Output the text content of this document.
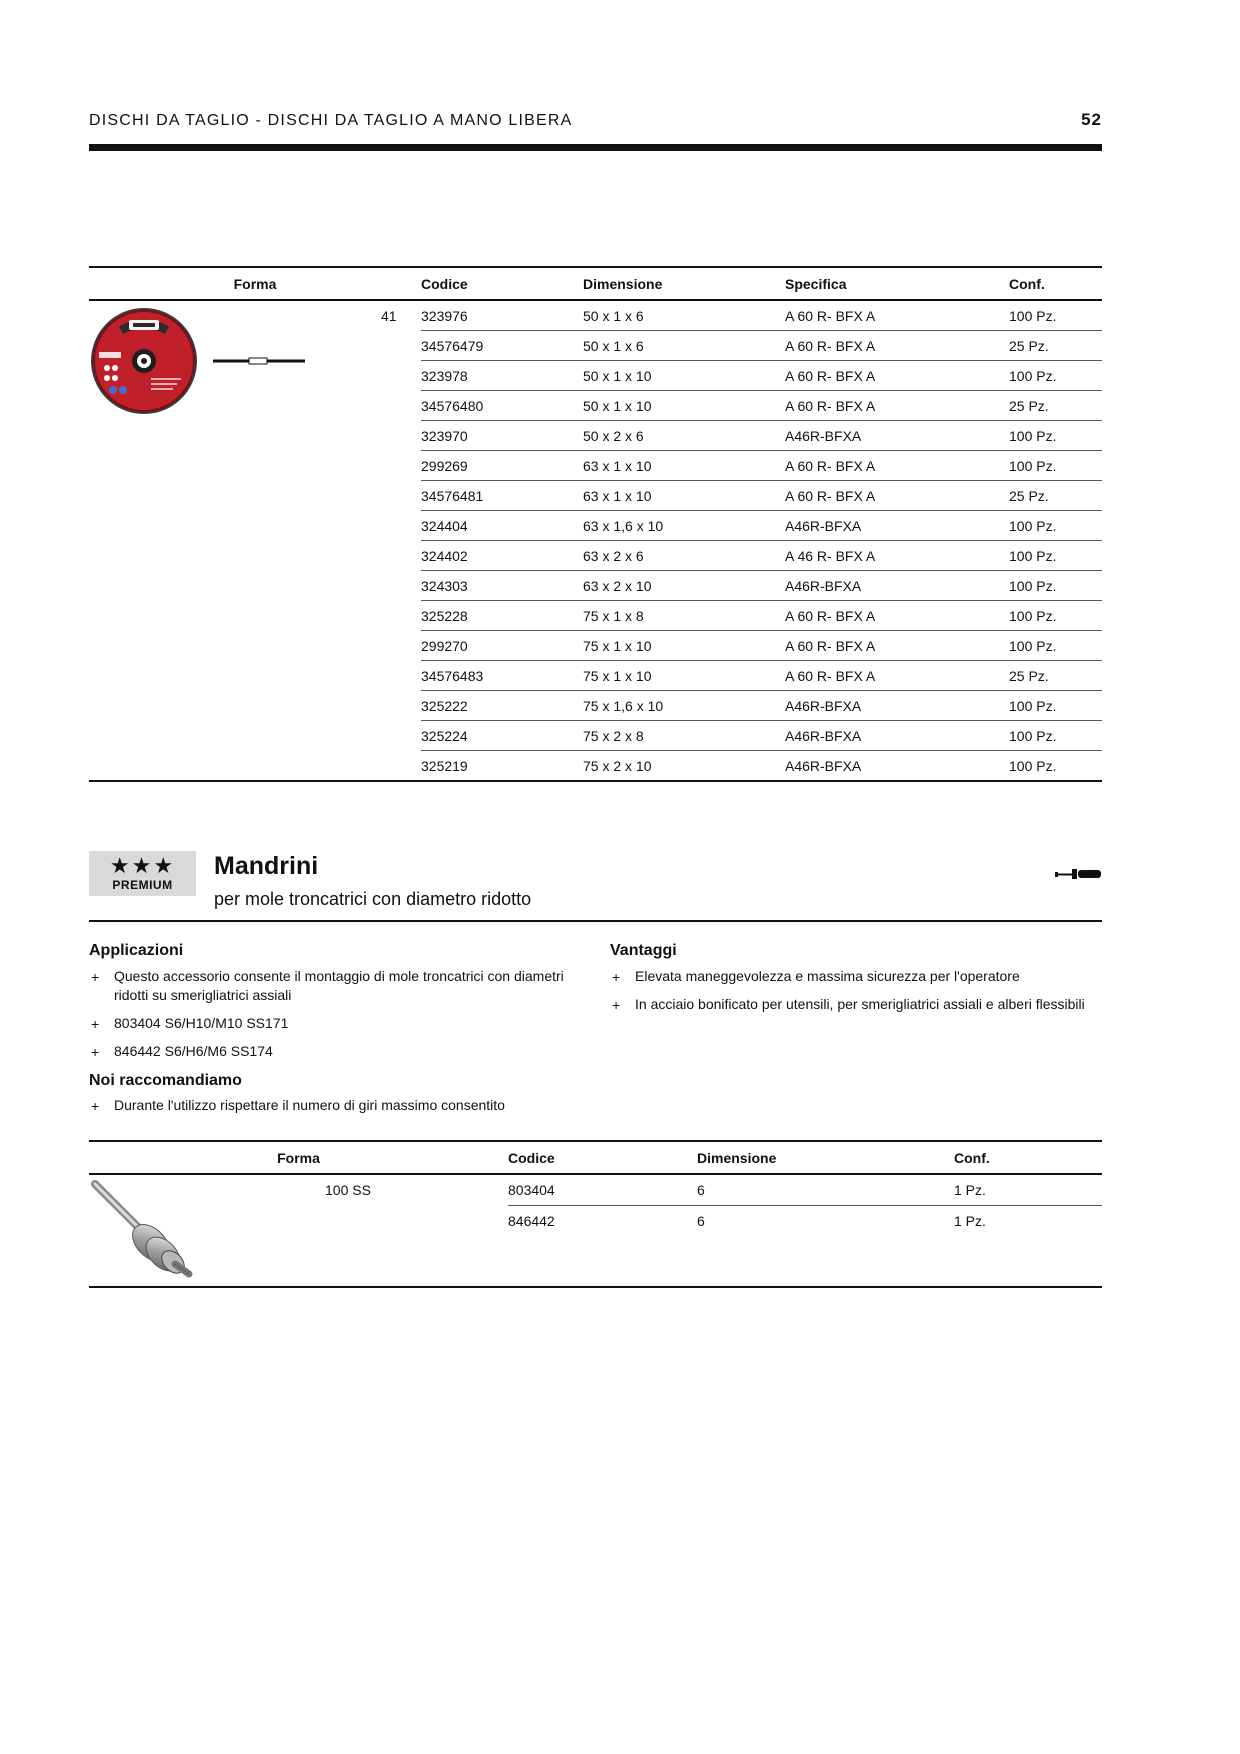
DISCHI DA TAGLIO - DISCHI DA TAGLIO A MANO LIBERA	52
Forma		Codice	Dimensione	Specifica	Conf.

	41	323976	50 x 1 x 6	A 60 R- BFX A	100 Pz.
		34576479	50 x 1 x 6	A 60 R- BFX A	25 Pz.
		323978	50 x 1 x 10	A 60 R- BFX A	100 Pz.
		34576480	50 x 1 x 10	A 60 R- BFX A	25 Pz.
		323970	50 x 2 x 6	A46R-BFXA	100 Pz.
		299269	63 x 1 x 10	A 60 R- BFX A	100 Pz.
		34576481	63 x 1 x 10	A 60 R- BFX A	25 Pz.
		324404	63 x 1,6 x 10	A46R-BFXA	100 Pz.
		324402	63 x 2 x 6	A 46 R- BFX A	100 Pz.
		324303	63 x 2 x 10	A46R-BFXA	100 Pz.
		325228	75 x 1 x 8	A 60 R- BFX A	100 Pz.
		299270	75 x 1 x 10	A 60 R- BFX A	100 Pz.
		34576483	75 x 1 x 10	A 60 R- BFX A	25 Pz.
		325222	75 x 1,6 x 10	A46R-BFXA	100 Pz.
		325224	75 x 2 x 8	A46R-BFXA	100 Pz.
		325219	75 x 2 x 10	A46R-BFXA	100 Pz.
★★★
PREMIUM
Mandrini
per mole troncatrici con diametro ridotto
Applicazioni
+ Questo accessorio consente il montaggio di mole troncatrici con diametri ridotti su smerigliatrici assiali
+ 803404 S6/H10/M10 SS171
+ 846442 S6/H6/M6 SS174
Vantaggi
+ Elevata maneggevolezza e massima sicurezza per l'operatore
+ In acciaio bonificato per utensili, per smerigliatrici assiali e alberi flessibili
Noi raccomandiamo
+ Durante l'utilizzo rispettare il numero di giri massimo consentito
Forma		Codice	Dimensione	Conf.

	100 SS	803404	6	1 Pz.
		846442	6	1 Pz.
